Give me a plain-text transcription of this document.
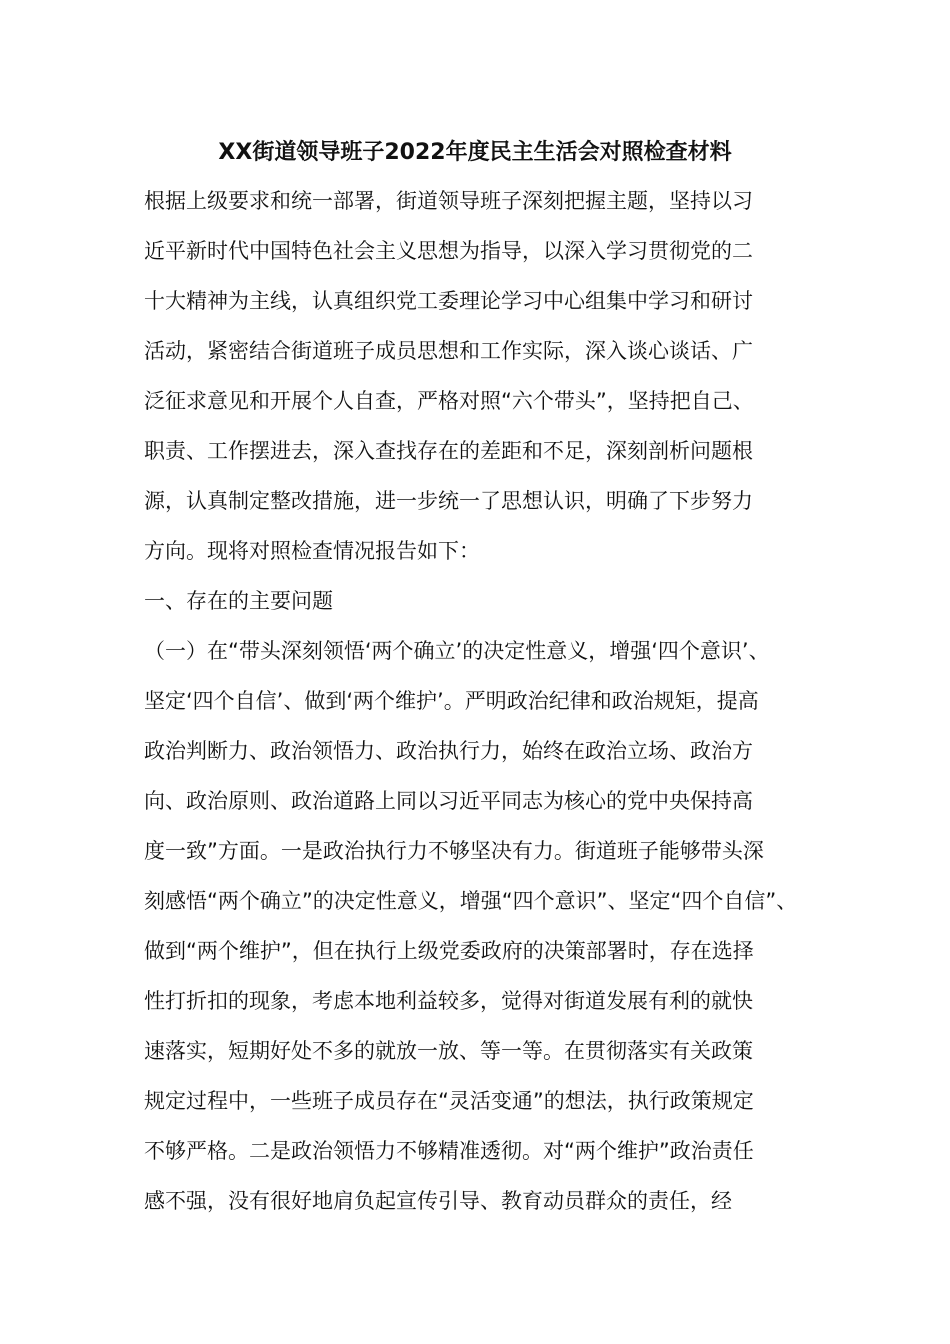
XX街道领导班子2022年度民主生活会对照检查材料
根据上级要求和统一部署，街道领导班子深刻把握主题，坚持以习
近平新时代中国特色社会主义思想为指导，以深入学习贯彻党的二
十大精神为主线，认真组织党工委理论学习中心组集中学习和研讨
活动，紧密结合街道班子成员思想和工作实际，深入谈心谈话、广
泛征求意见和开展个人自查，严格对照“六个带头”，坚持把自己、
职责、工作摆进去，深入查找存在的差距和不足，深刻剖析问题根
源，认真制定整改措施，进一步统一了思想认识，明确了下步努力
方向。现将对照检查情况报告如下：
一、存在的主要问题
（一）在“带头深刻领悟‘两个确立’的决定性意义，增强‘四个意识’、
坚定‘四个自信’、做到‘两个维护’。严明政治纪律和政治规矩，提高
政治判断力、政治领悟力、政治执行力，始终在政治立场、政治方
向、政治原则、政治道路上同以习近平同志为核心的党中央保持高
度一致”方面。一是政治执行力不够坚决有力。街道班子能够带头深
刻感悟“两个确立”的决定性意义，增强“四个意识”、坚定“四个自信”、
做到“两个维护”，但在执行上级党委政府的决策部署时，存在选择
性打折扣的现象，考虑本地利益较多，觉得对街道发展有利的就快
速落实，短期好处不多的就放一放、等一等。在贯彻落实有关政策
规定过程中，一些班子成员存在“灵活变通”的想法，执行政策规定
不够严格。二是政治领悟力不够精准透彻。对“两个维护”政治责任
感不强，没有很好地肩负起宣传引导、教育动员群众的责任，经
